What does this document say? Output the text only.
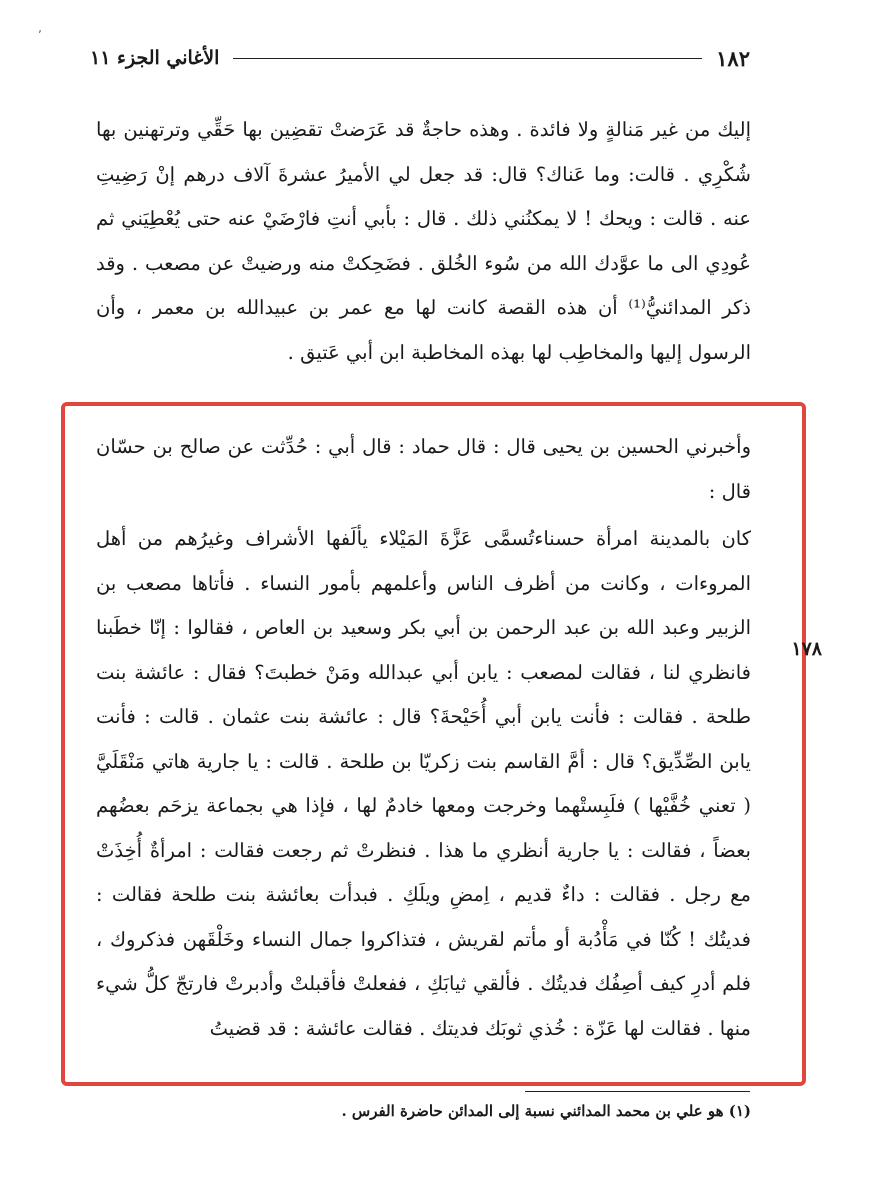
٬
الأغاني الجزء ١١	١٨٢
إليك من غير مَنالةٍ ولا فائدة . وهذه حاجةٌ قد عَرَضتْ تقضِين بها حَقِّي وترتهنين بها شُكْرِي . قالت: وما عَناك؟ قال: قد جعل لي الأميرُ عشرةَ آلاف درهم إنْ رَضِيتِ عنه . قالت : ويحك ! لا يمكنُني ذلك . قال : بأبي أنتِ فارْضَيْ عنه حتى يُعْطِيَني ثم عُودِي الى ما عوَّدك الله من سُوء الخُلق . فضَحِكتْ منه ورضيتْ عن مصعب . وقد ذكر المدائنيُّ⁽¹⁾ أن هذه القصة كانت لها مع عمر بن عبيدالله بن معمر ، وأن الرسول إليها والمخاطِب لها بهذه المخاطبة ابن أبي عَتيق .
وأخبرني الحسين بن يحيى قال : قال حماد : قال أبي : حُدِّثت عن صالح بن حسّان قال :
كان بالمدينة امرأة حسناءتُسمَّى عَزَّةَ المَيْلاء يألَفها الأشراف وغيرُهم من أهل المروءات ، وكانت من أظرف الناس وأعلمهم بأمور النساء . فأتاها مصعب بن الزبير وعبد الله بن عبد الرحمن بن أبي بكر وسعيد بن العاص ، فقالوا : إنّا خطَبنا فانظري لنا ، فقالت لمصعب : يابن أبي عبدالله ومَنْ خطبتَ؟ فقال : عائشة بنت طلحة . فقالت : فأنت يابن أبي أُحَيْحةَ؟ قال : عائشة بنت عثمان . قالت : فأنت يابن الصِّدِّيق؟ قال : أمَّ القاسم بنت زكريّا بن طلحة . قالت : يا جارية هاتي مَنْقَلَيَّ ( تعني خُفَّيْها ) فلَبِستْهما وخرجت ومعها خادمٌ لها ، فإذا هي بجماعة يزحَم بعضُهم بعضاً ، فقالت : يا جارية أنظري ما هذا . فنظرتْ ثم رجعت فقالت : امرأةٌ أُخِذَتْ مع رجل . فقالت : داءٌ قديم ، اِمضِ ويلَكِ . فبدأت بعائشة بنت طلحة فقالت : فديتُك ! كُنّا في مَأْدُبة أو مأتم لقريش ، فتذاكروا جمال النساء وخَلْقَهن فذكروك ، فلم أدرِ كيف أصِفُك فديتُك . فألقي ثيابَكِ ، ففعلتْ فأقبلتْ وأدبرتْ فارتجّ كلُّ شيء منها . فقالت لها عَزّة : خُذي ثوبَك فديتك . فقالت عائشة : قد قضيتُ
١٧٨
(١) هو علي بن محمد المدائني نسبة إلى المدائن حاضرة الفرس .
